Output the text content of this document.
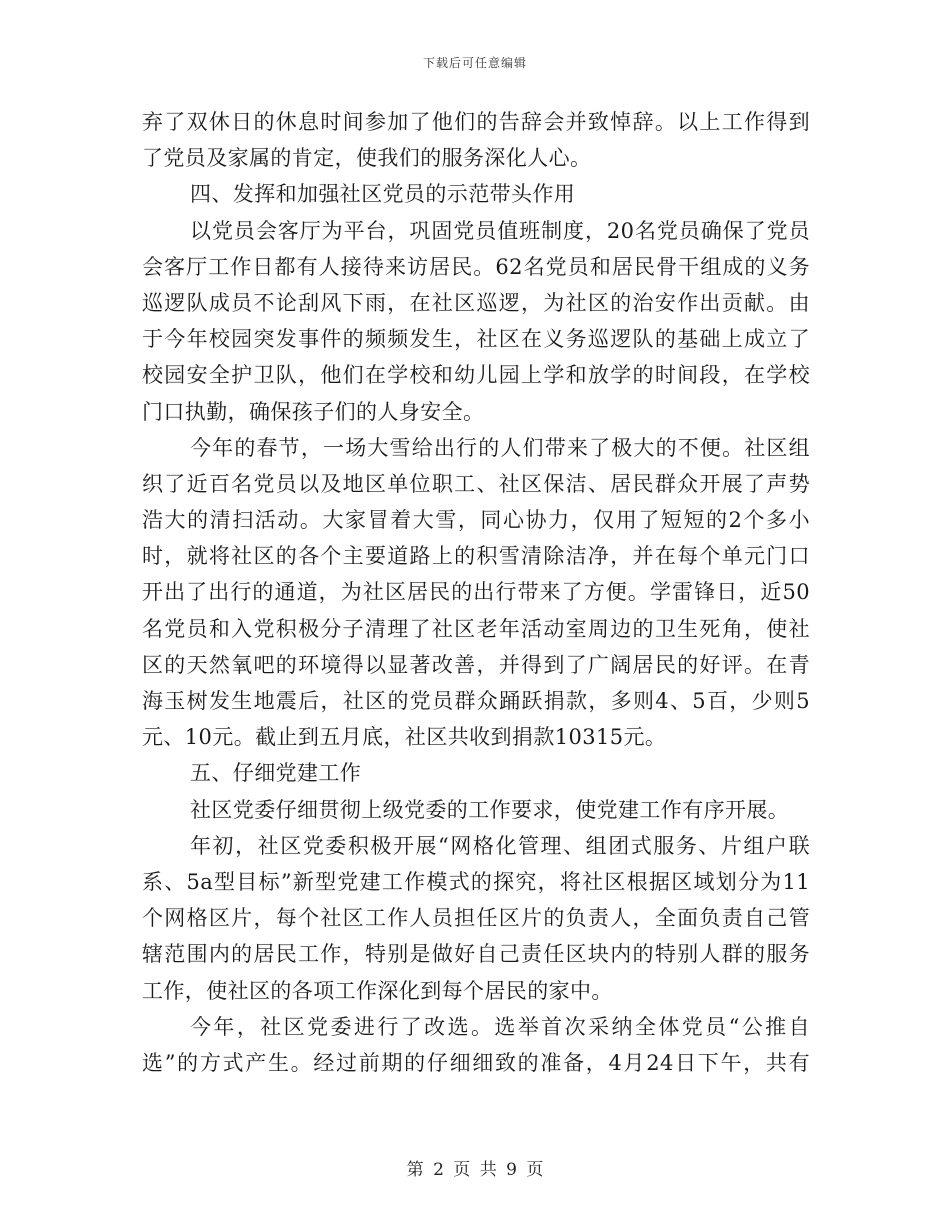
下载后可任意编辑
弃了双休日的休息时间参加了他们的告辞会并致悼辞。以上工作得到
了党员及家属的肯定，使我们的服务深化人心。
四、发挥和加强社区党员的示范带头作用
以党员会客厅为平台，巩固党员值班制度，20名党员确保了党员
会客厅工作日都有人接待来访居民。62名党员和居民骨干组成的义务
巡逻队成员不论刮风下雨，在社区巡逻，为社区的治安作出贡献。由
于今年校园突发事件的频频发生，社区在义务巡逻队的基础上成立了
校园安全护卫队，他们在学校和幼儿园上学和放学的时间段，在学校
门口执勤，确保孩子们的人身安全。
今年的春节，一场大雪给出行的人们带来了极大的不便。社区组
织了近百名党员以及地区单位职工、社区保洁、居民群众开展了声势
浩大的清扫活动。大家冒着大雪，同心协力，仅用了短短的2个多小
时，就将社区的各个主要道路上的积雪清除洁净，并在每个单元门口
开出了出行的通道，为社区居民的出行带来了方便。学雷锋日，近50
名党员和入党积极分子清理了社区老年活动室周边的卫生死角，使社
区的天然氧吧的环境得以显著改善，并得到了广阔居民的好评。在青
海玉树发生地震后，社区的党员群众踊跃捐款，多则4、5百，少则5
元、10元。截止到五月底，社区共收到捐款10315元。
五、仔细党建工作
社区党委仔细贯彻上级党委的工作要求，使党建工作有序开展。
年初，社区党委积极开展“网格化管理、组团式服务、片组户联
系、5a型目标”新型党建工作模式的探究，将社区根据区域划分为11
个网格区片，每个社区工作人员担任区片的负责人，全面负责自己管
辖范围内的居民工作，特别是做好自己责任区块内的特别人群的服务
工作，使社区的各项工作深化到每个居民的家中。
今年，社区党委进行了改选。选举首次采纳全体党员“公推自
选”的方式产生。经过前期的仔细细致的准备，4月24日下午，共有
第 2 页 共 9 页
